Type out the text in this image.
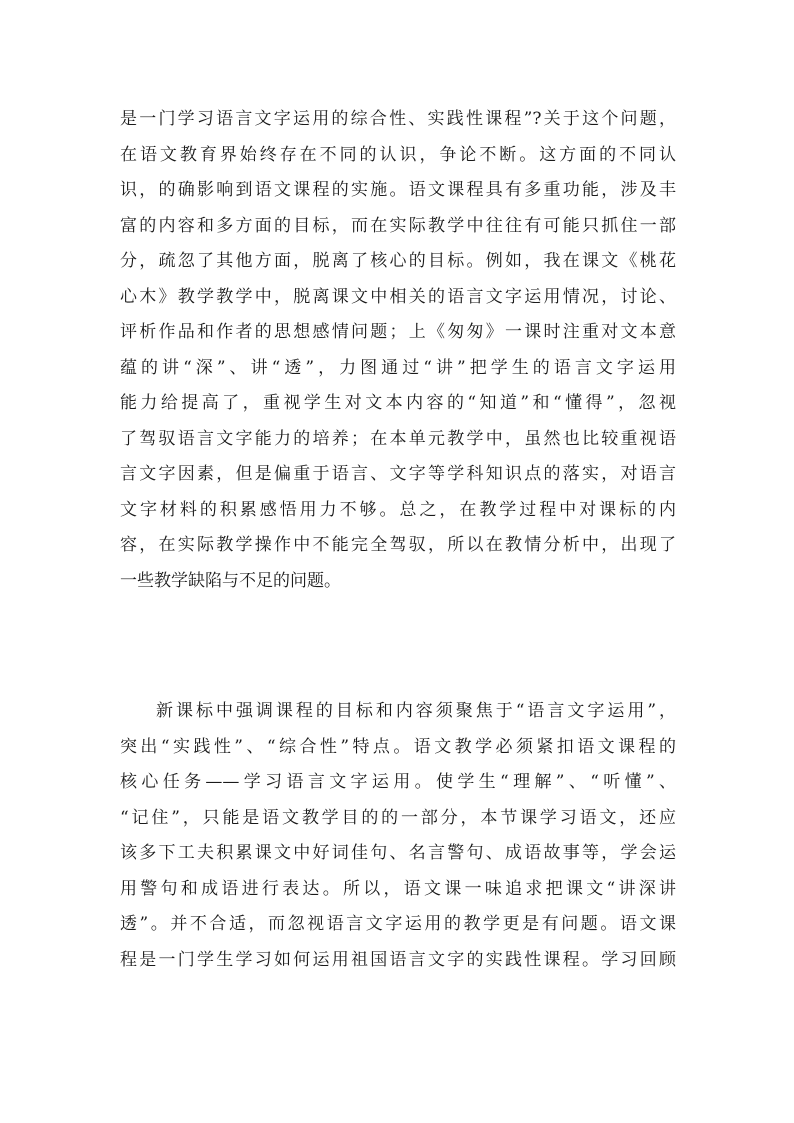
是一门学习语言文字运用的综合性、实践性课程”?关于这个问题，
在语文教育界始终存在不同的认识，争论不断。这方面的不同认
识，的确影响到语文课程的实施。语文课程具有多重功能，涉及丰
富的内容和多方面的目标，而在实际教学中往往有可能只抓住一部
分，疏忽了其他方面，脱离了核心的目标。例如，我在课文《桃花
心木》教学教学中，脱离课文中相关的语言文字运用情况，讨论、
评析作品和作者的思想感情问题；上《匆匆》一课时注重对文本意
蕴的讲“深”、讲“透”，力图通过“讲”把学生的语言文字运用
能力给提高了，重视学生对文本内容的“知道”和“懂得”，忽视
了驾驭语言文字能力的培养；在本单元教学中，虽然也比较重视语
言文字因素，但是偏重于语言、文字等学科知识点的落实，对语言
文字材料的积累感悟用力不够。总之，在教学过程中对课标的内
容，在实际教学操作中不能完全驾驭，所以在教情分析中，出现了
一些教学缺陷与不足的问题。
新课标中强调课程的目标和内容须聚焦于“语言文字运用”，
突出“实践性”、“综合性”特点。语文教学必须紧扣语文课程的
核心任务——学习语言文字运用。使学生“理解”、“听懂”、
“记住”，只能是语文教学目的的一部分，本节课学习语文，还应
该多下工夫积累课文中好词佳句、名言警句、成语故事等，学会运
用警句和成语进行表达。所以，语文课一味追求把课文“讲深讲
透”。并不合适，而忽视语言文字运用的教学更是有问题。语文课
程是一门学生学习如何运用祖国语言文字的实践性课程。学习回顾
